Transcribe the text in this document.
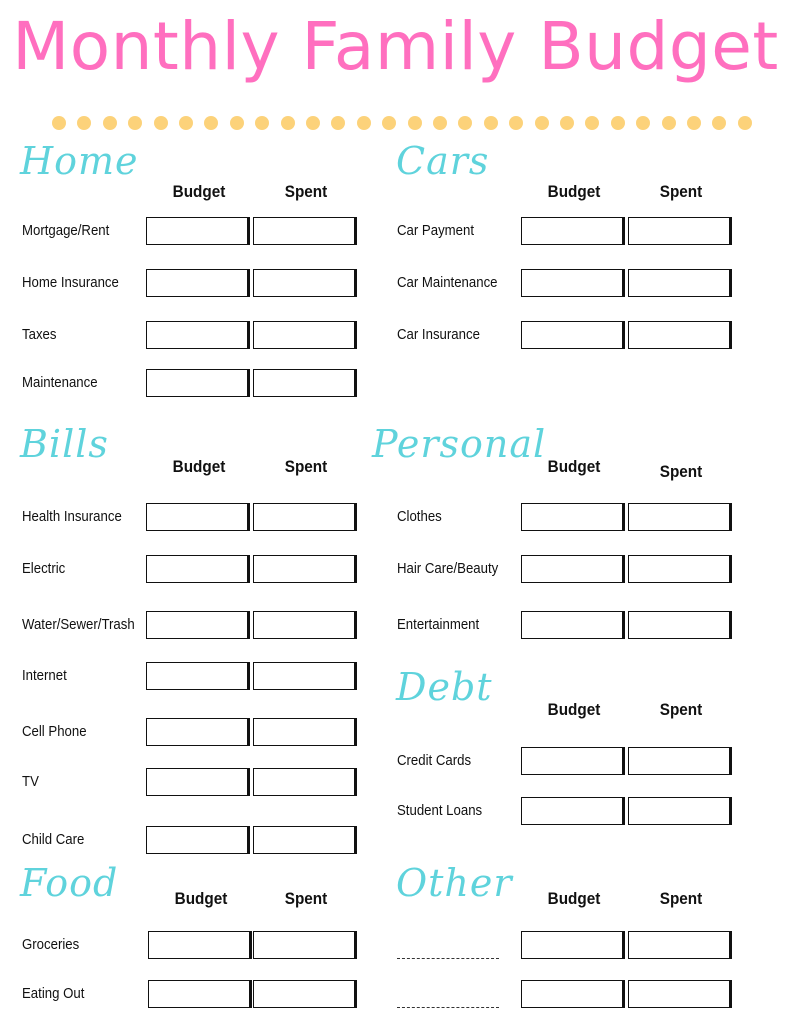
Monthly Family Budget
Home
Budget	Spent
Mortgage/Rent
Home Insurance
Taxes
Maintenance
Cars
Budget	Spent
Car Payment
Car Maintenance
Car Insurance
Bills
Budget	Spent
Health Insurance
Electric
Water/Sewer/Trash
Internet
Cell Phone
TV
Child Care
Personal
Budget	Spent
Clothes
Hair Care/Beauty
Entertainment
Debt
Budget	Spent
Credit Cards
Student Loans
Food	Budget	Spent
Groceries
Eating Out
Other	Budget	Spent
